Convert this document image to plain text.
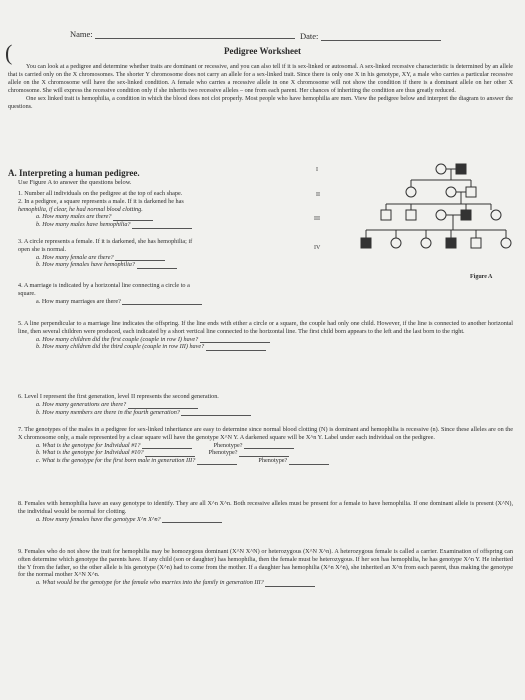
Name:	Date:
(	Pedigree Worksheet
You can look at a pedigree and determine whether traits are dominant or recessive, and you can also tell if it is sex-linked or autosomal. A sex-linked recessive characteristic is determined by an allele that is carried only on the X chromosomes. The shorter Y chromosome does not carry an allele for a sex-linked trait. Since there is only one X in his genotype, XY, a male who carries a particular recessive allele on the X chromosome will have the sex-linked condition. A female who carries a recessive allele in one X chromosome will not show the condition if there is a dominant allele on her other X chromosome. She will express the recessive condition only if she inherits two recessive alleles – one from each parent. Her chances of inheriting the condition are thus greatly reduced.
One sex linked trait is hemophilia, a condition in which the blood does not clot properly. Most people who have hemophilia are men. View the pedigree below and interpret the diagram to answer the questions.
A. Interpreting a human pedigree.
Use Figure A to answer the questions below.
1. Number all individuals on the pedigree at the top of each shape.
2. In a pedigree, a square represents a male. If it is darkened he has
hemophilia, if clear, he had normal blood clotting.
a. How many males are there?
b. How many males have hemophilia?
3. A circle represents a female. If it is darkened, she has hemophilia; if
open she is normal.
a. How many female are there?
b. How many females have hemophilia?
4. A marriage is indicated by a horizontal line connecting a circle to a
square.
a. How many marriages are there?
5. A line perpendicular to a marriage line indicates the offspring. If the line ends with either a circle or a square, the couple had only one child. However, if the line is connected to another horizontal line, then several children were produced, each indicated by a short vertical line connected to the horizontal line. The first child born appears to the left and the last born to the right.
a. How many children did the first couple (couple in row I) have?
b. How many children did the third couple (couple in row III) have?
6. Level I represent the first generation, level II represents the second generation.
a. How many generations are there?
b. How many members are there in the fourth generation?
7. The genotypes of the males in a pedigree for sex-linked inheritance are easy to determine since normal blood clotting (N) is dominant and hemophilia is recessive (n). Since these alleles are on the X chromosome only, a male represented by a clear square will have the genotype X^N Y. A darkened square will be X^n Y. Label under each individual on the pedigree.
a. What is the genotype for Individual #1?	Phenotype?
b. What is the genotype for Individual #10?	Phenotype?
c. What is the genotype for the first born male in generation III?	Phenotype?
8. Females with hemophilia have an easy genotype to identify. They are all X^n X^n. Both recessive alleles must be present for a female to have hemophilia. If one dominant allele is present (X^N), the individual would be normal for clotting.
a. How many females have the genotype X^n X^n?
9. Females who do not show the trait for hemophilia may be homozygous dominant (X^N X^N) or heterozygous (X^N X^n). A heterozygous female is called a carrier. Examination of offspring can often determine which genotype the parents have. If any child (son or daughter) has hemophilia, then the female must be heterozygous. If her son has hemophilia, he has genotype X^n Y. He inherited the Y from the father, so the other allele is his genotype (X^n) had to come from the mother. If a daughter has hemophilia (X^n X^n), she inherited an X^n from each parent, thus making the genotype for the normal mother X^N X^n.
a. What would be the genotype for the female who marries into the family in generation III?
I
II
III
IV
Figure A
